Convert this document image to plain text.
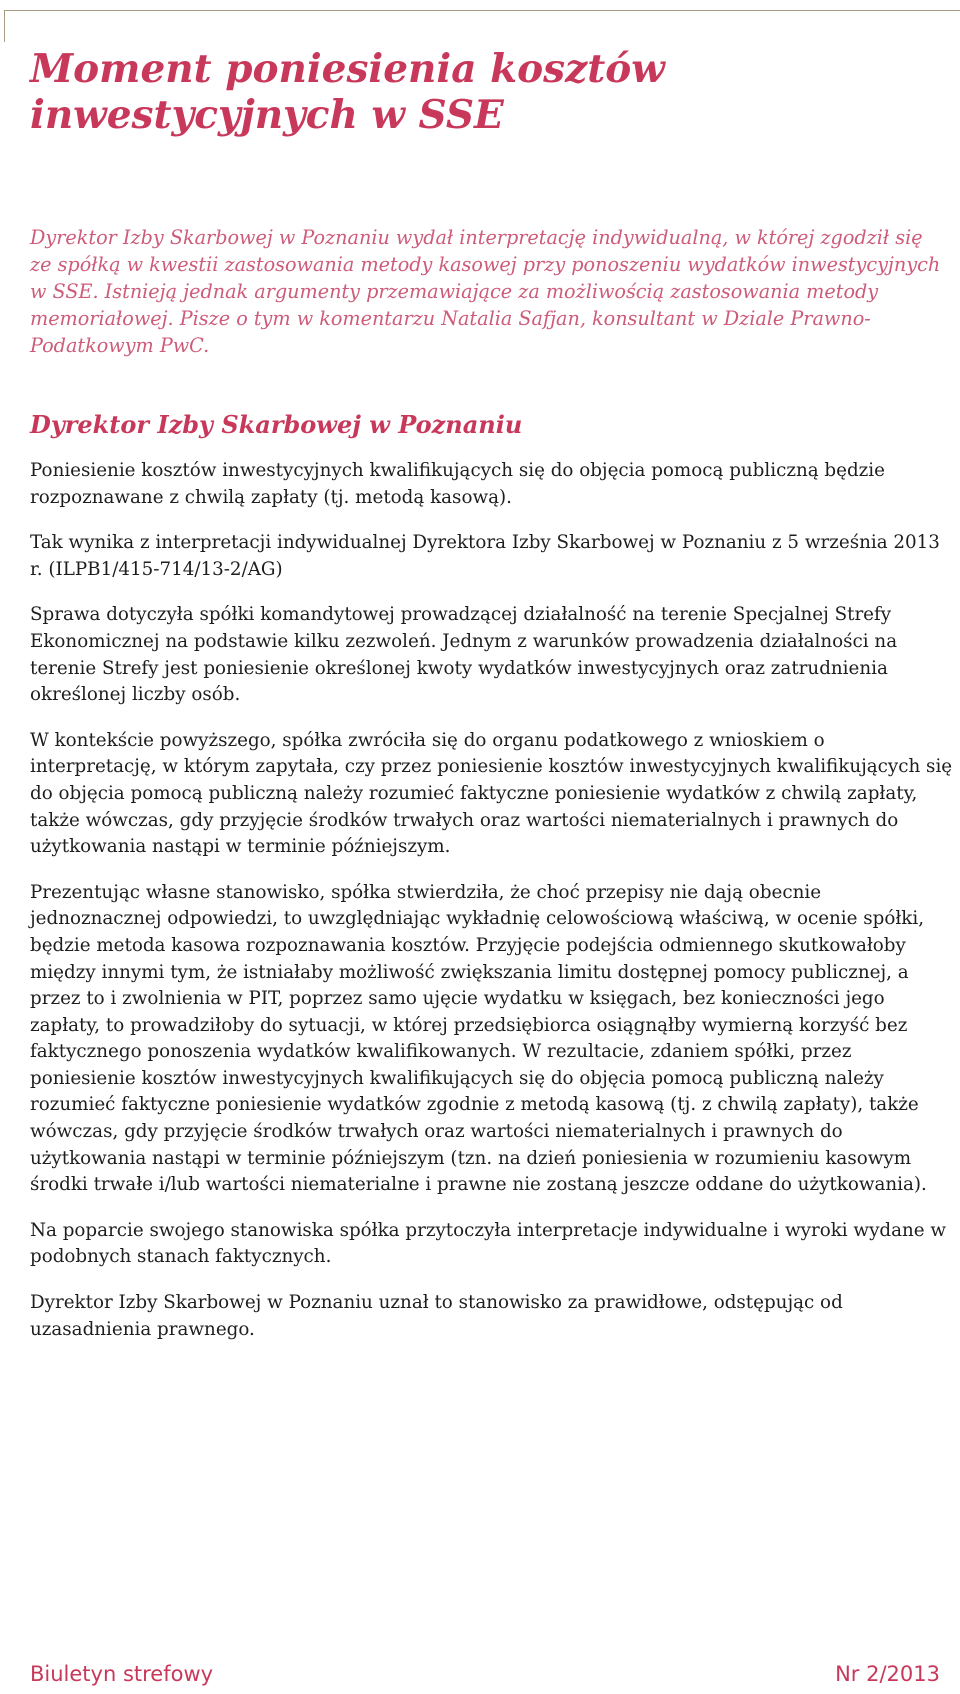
Moment poniesienia kosztów inwestycyjnych w SSE

Dyrektor Izby Skarbowej w Poznaniu wydał interpretację indywidualną, w której zgodził się ze spółką w kwestii zastosowania metody kasowej przy ponoszeniu wydatków inwestycyjnych w SSE. Istnieją jednak argumenty przemawiające za możliwością zastosowania metody memoriałowej. Pisze o tym w komentarzu Natalia Safjan, konsultant w Dziale Prawno-Podatkowym PwC.

Dyrektor Izby Skarbowej w Poznaniu

Poniesienie kosztów inwestycyjnych kwalifikujących się do objęcia pomocą publiczną będzie rozpoznawane z chwilą zapłaty (tj. metodą kasową).

Tak wynika z interpretacji indywidualnej Dyrektora Izby Skarbowej w Poznaniu z 5 września 2013 r. (ILPB1/415-714/13-2/AG)

Sprawa dotyczyła spółki komandytowej prowadzącej działalność na terenie Specjalnej Strefy Ekonomicznej na podstawie kilku zezwoleń. Jednym z warunków prowadzenia działalności na terenie Strefy jest poniesienie określonej kwoty wydatków inwestycyjnych oraz zatrudnienia określonej liczby osób.

W kontekście powyższego, spółka zwróciła się do organu podatkowego z wnioskiem o interpretację, w którym zapytała, czy przez poniesienie kosztów inwestycyjnych kwalifikujących się do objęcia pomocą publiczną należy rozumieć faktyczne poniesienie wydatków z chwilą zapłaty, także wówczas, gdy przyjęcie środków trwałych oraz wartości niematerialnych i prawnych do użytkowania nastąpi w terminie późniejszym.

Prezentując własne stanowisko, spółka stwierdziła, że choć przepisy nie dają obecnie jednoznacznej odpowiedzi, to uwzględniając wykładnię celowościową właściwą, w ocenie spółki, będzie metoda kasowa rozpoznawania kosztów. Przyjęcie podejścia odmiennego skutkowałoby między innymi tym, że istniałaby możliwość zwiększania limitu dostępnej pomocy publicznej, a przez to i zwolnienia w PIT, poprzez samo ujęcie wydatku w księgach, bez konieczności jego zapłaty, to prowadziłoby do sytuacji, w której przedsiębiorca osiągnąłby wymierną korzyść bez faktycznego ponoszenia wydatków kwalifikowanych. W rezultacie, zdaniem spółki, przez poniesienie kosztów inwestycyjnych kwalifikujących się do objęcia pomocą publiczną należy rozumieć faktyczne poniesienie wydatków zgodnie z metodą kasową (tj. z chwilą zapłaty), także wówczas, gdy przyjęcie środków trwałych oraz wartości niematerialnych i prawnych do użytkowania nastąpi w terminie późniejszym (tzn. na dzień poniesienia w rozumieniu kasowym środki trwałe i/lub wartości niematerialne i prawne nie zostaną jeszcze oddane do użytkowania).

Na poparcie swojego stanowiska spółka przytoczyła interpretacje indywidualne i wyroki wydane w podobnych stanach faktycznych.

Dyrektor Izby Skarbowej w Poznaniu uznał to stanowisko za prawidłowe, odstępując od uzasadnienia prawnego.

Biuletyn strefowy	Nr 2/2013
